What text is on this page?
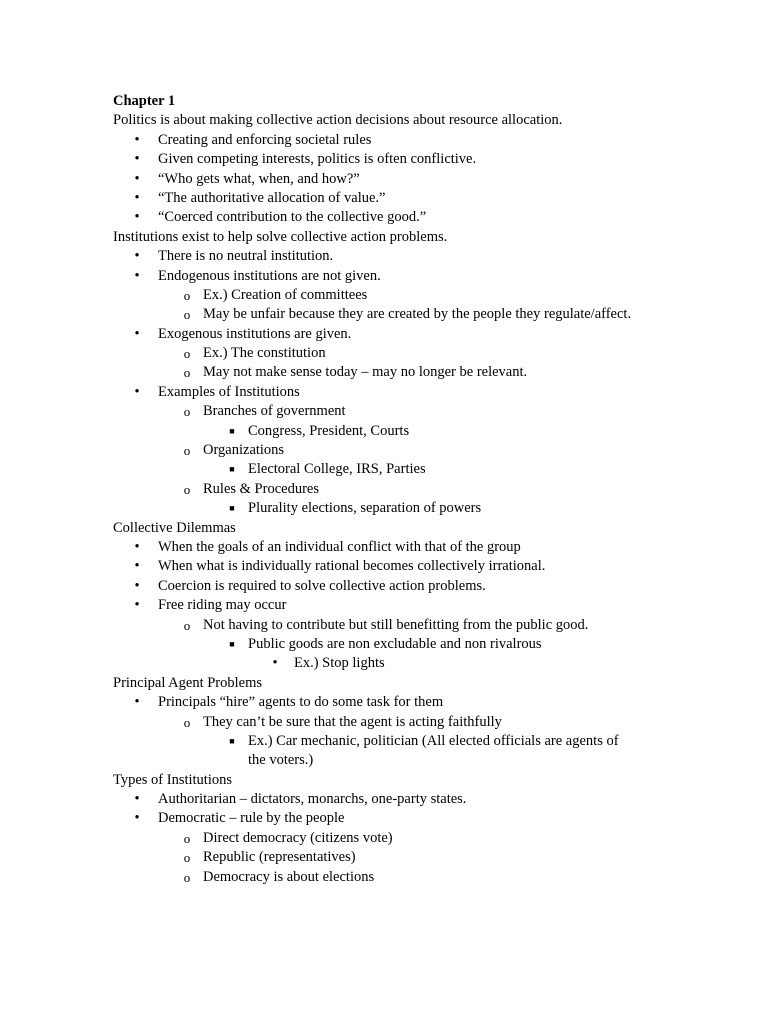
Chapter 1
Politics is about making collective action decisions about resource allocation.
• Creating and enforcing societal rules
• Given competing interests, politics is often conflictive.
• “Who gets what, when, and how?”
• “The authoritative allocation of value.”
• “Coerced contribution to the collective good.”
Institutions exist to help solve collective action problems.
• There is no neutral institution.
• Endogenous institutions are not given.
o Ex.) Creation of committees
o May be unfair because they are created by the people they regulate/affect.
• Exogenous institutions are given.
o Ex.) The constitution
o May not make sense today – may no longer be relevant.
• Examples of Institutions
o Branches of government
■ Congress, President, Courts
o Organizations
■ Electoral College, IRS, Parties
o Rules & Procedures
■ Plurality elections, separation of powers
Collective Dilemmas
• When the goals of an individual conflict with that of the group
• When what is individually rational becomes collectively irrational.
• Coercion is required to solve collective action problems.
• Free riding may occur
o Not having to contribute but still benefitting from the public good.
■ Public goods are non excludable and non rivalrous
• Ex.) Stop lights
Principal Agent Problems
• Principals “hire” agents to do some task for them
o They can’t be sure that the agent is acting faithfully
■ Ex.) Car mechanic, politician (All elected officials are agents of
the voters.)
Types of Institutions
• Authoritarian – dictators, monarchs, one-party states.
• Democratic – rule by the people
o Direct democracy (citizens vote)
o Republic (representatives)
o Democracy is about elections
